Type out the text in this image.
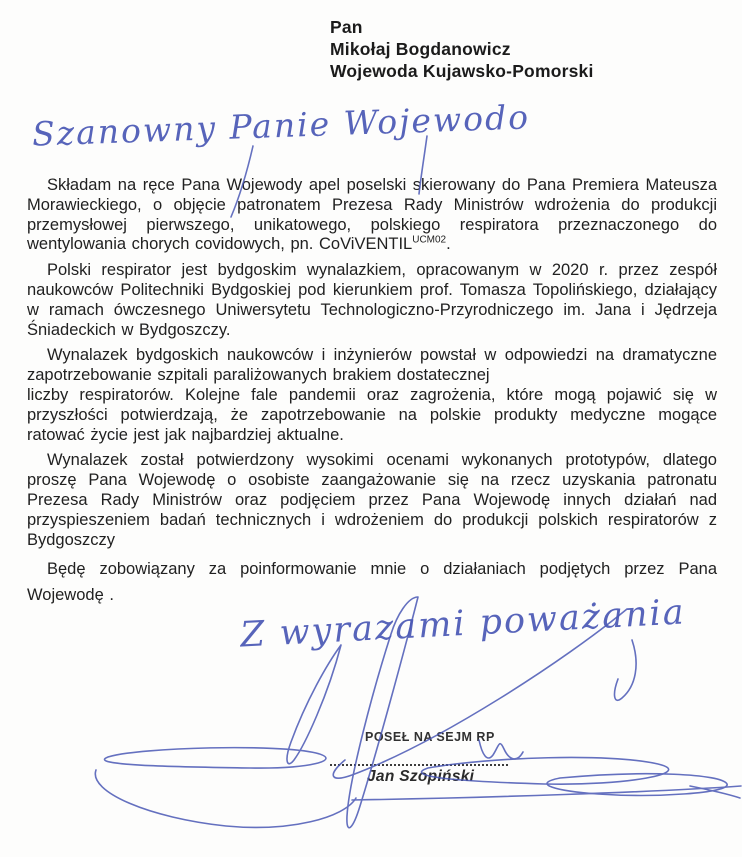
Pan
Mikołaj Bogdanowicz
Wojewoda Kujawsko-Pomorski
Szanowny Panie Wojewodo

Składam na ręce Pana Wojewody apel poselski skierowany do Pana Premiera Mateusza Morawieckiego, o objęcie patronatem Prezesa Rady Ministrów wdrożenia do produkcji przemysłowej pierwszego, unikatowego, polskiego respiratora przeznaczonego do wentylowania chorych covidowych, pn. CoViVENTIL$^{UCM02}$.

Polski respirator jest bydgoskim wynalazkiem, opracowanym w 2020 r. przez zespół naukowców Politechniki Bydgoskiej pod kierunkiem prof. Tomasza Topolińskiego, działający w ramach ówczesnego Uniwersytetu Technologiczno-Przyrodniczego im. Jana i Jędrzeja Śniadeckich w Bydgoszczy.

Wynalazek bydgoskich naukowców i inżynierów powstał w odpowiedzi na dramatyczne zapotrzebowanie szpitali paraliżowanych brakiem dostatecznej
liczby respiratorów. Kolejne fale pandemii oraz zagrożenia, które mogą pojawić się w przyszłości potwierdzają, że zapotrzebowanie na polskie produkty medyczne mogące ratować życie jest jak najbardziej aktualne.

Wynalazek został potwierdzony wysokimi ocenami wykonanych prototypów, dlatego proszę Pana Wojewodę o osobiste zaangażowanie się na rzecz uzyskania patronatu Prezesa Rady Ministrów oraz podjęciem przez Pana Wojewodę innych działań nad przyspieszeniem badań technicznych i wdrożeniem do produkcji polskich respiratorów z Bydgoszczy

Będę zobowiązany za poinformowanie mnie o działaniach podjętych przez Pana Wojewodę .	Z wyrazami poważania
POSEŁ NA SEJM RP
Jan Szopiński
